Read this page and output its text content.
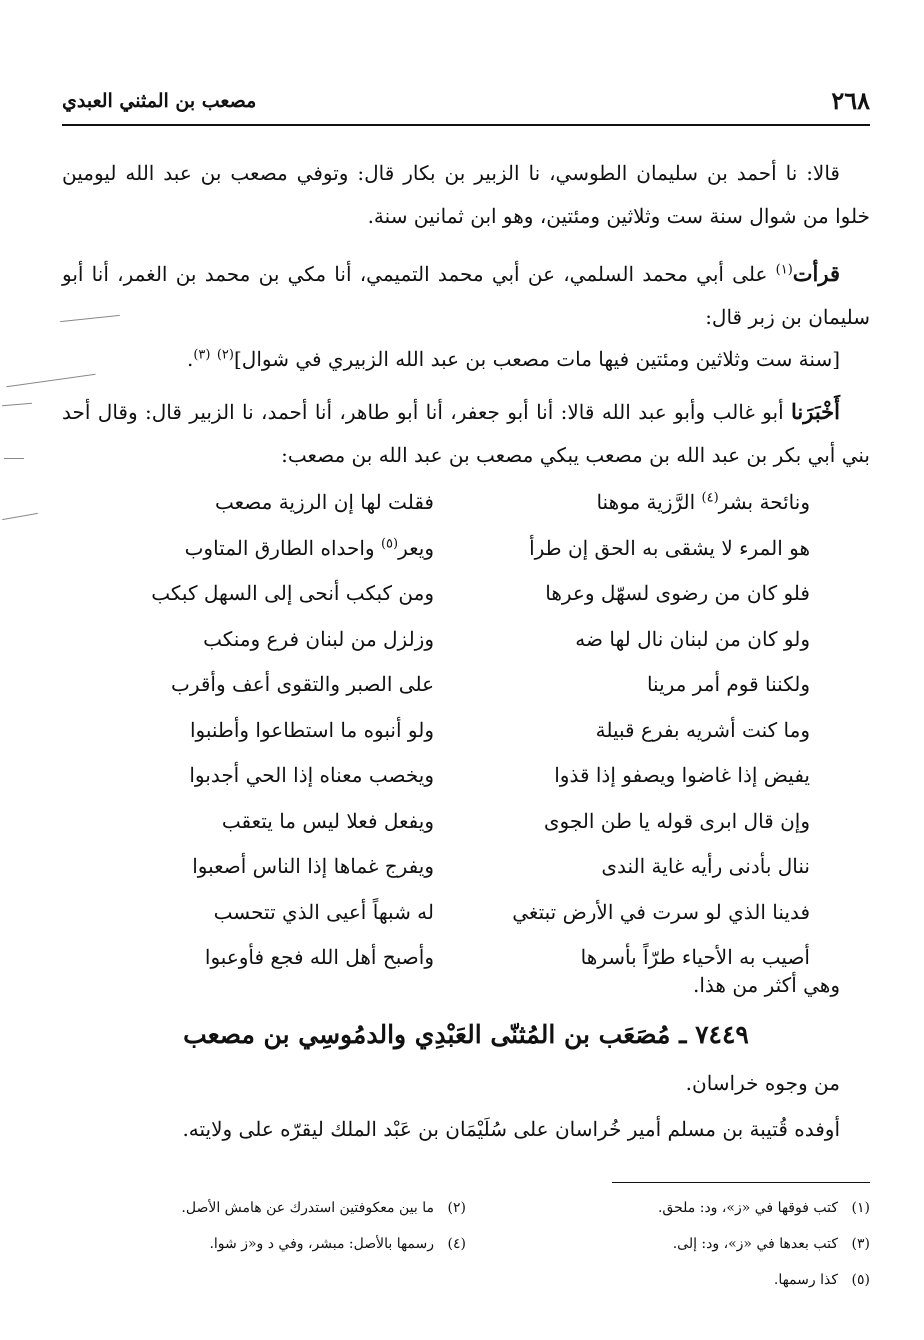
٢٦٨
مصعب بن المثني العبدي
قالا: نا أحمد بن سليمان الطوسي، نا الزبير بن بكار قال: وتوفي مصعب بن عبد الله ليومين خلوا من شوال سنة ست وثلاثين ومئتين، وهو ابن ثمانين سنة.
قرأت$^{(١)}$ على أبي محمد السلمي، عن أبي محمد التميمي، أنا مكي بن محمد بن الغمر، أنا أبو سليمان بن زبر قال:
[سنة ست وثلاثين ومئتين فيها مات مصعب بن عبد الله الزبيري في شوال]$^{(٢)}$ $^{(٣)}$.
أَخْبَرَنا أبو غالب وأبو عبد الله قالا: أنا أبو جعفر، أنا أبو طاهر، أنا أحمد، نا الزبير قال: وقال أحد بني أبي بكر بن عبد الله بن مصعب يبكي مصعب بن عبد الله بن مصعب:
ونائحة بشر$^{(٤)}$ الرَّزية موهنا
فقلت لها إن الرزية مصعب
هو المرء لا يشقى به الحق إن طرأ
ويعر$^{(٥)}$ واحداه الطارق المتاوب
فلو كان من رضوى لسهّل وعرها
ومن كبكب أنحى إلى السهل كبكب
ولو كان من لبنان نال لها ضه
وزلزل من لبنان فرع ومنكب
ولكننا قوم أمر مرينا
على الصبر والتقوى أعف وأقرب
وما كنت أشريه بفرع قبيلة
ولو أنبوه ما استطاعوا وأطنبوا
يفيض إذا غاضوا ويصفو إذا قذوا
ويخصب معناه إذا الحي أجدبوا
وإن قال ابرى قوله يا طن الجوى
ويفعل فعلا ليس ما يتعقب
ننال بأدنى رأيه غاية الندى
ويفرج غماها إذا الناس أصعبوا
فدينا الذي لو سرت في الأرض تبتغي
له شبهاً أعيى الذي تتحسب
أصيب به الأحياء طرّاً بأسرها
وأصبح أهل الله فجع فأوعبوا
وهي أكثر من هذا.
٧٤٤٩ ـ مُصَعَب بن المُثنّى العَبْدِي والدمُوسِي بن مصعب
من وجوه خراسان.
أوفده قُتيبة بن مسلم أمير خُراسان على سُلَيْمَان بن عَبْد الملك ليقرّه على ولايته.
(١)كتب فوقها في «ز»، ود: ملحق.
(٢)ما بين معكوفتين استدرك عن هامش الأصل.
(٣)كتب بعدها في «ز»، ود: إلى.
(٤)رسمها بالأصل: مبشر، وفي د و«ز شوا.
(٥)كذا رسمها.
